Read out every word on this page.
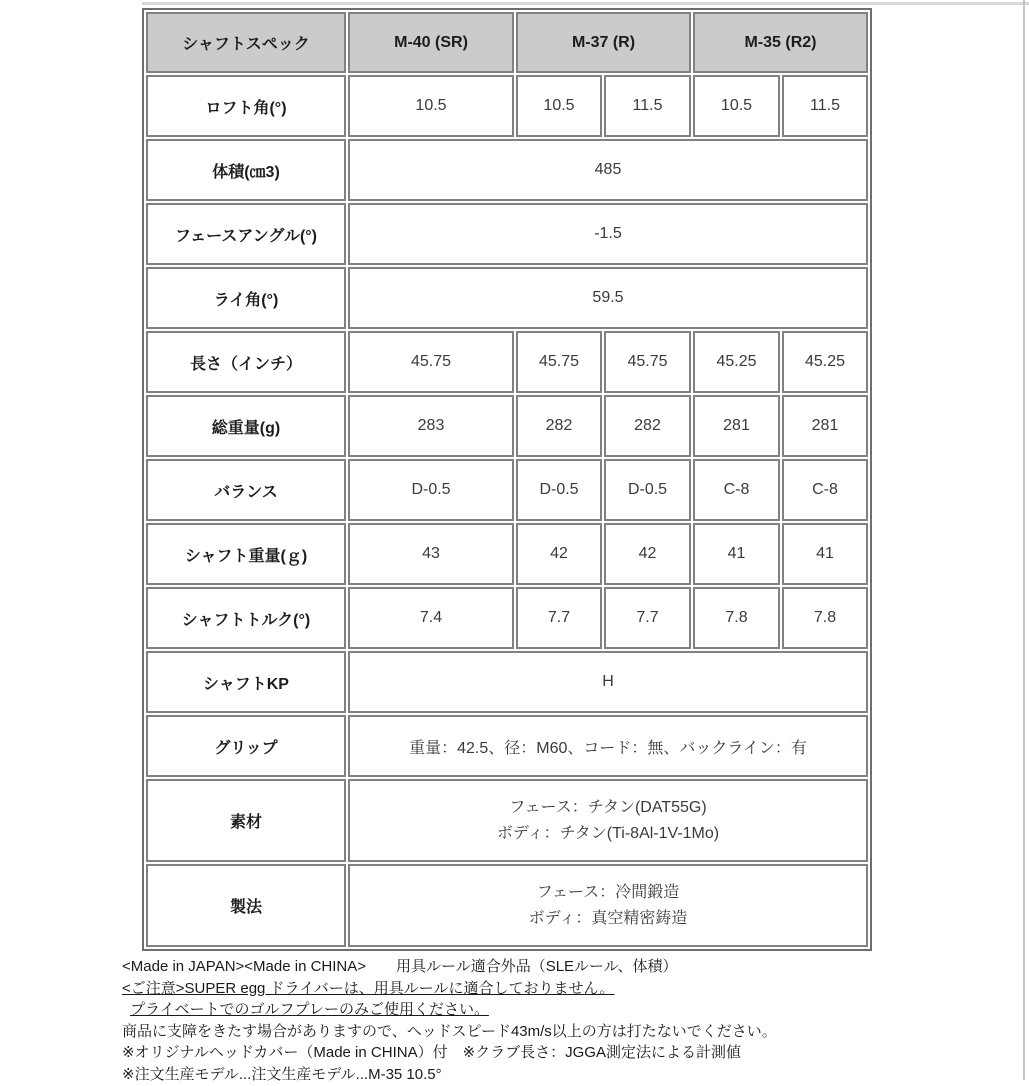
シャフトスペック	M-40 (SR)	M-37 (R)		M-35 (R2)	
ロフト角(°)	10.5	10.5	11.5	10.5	11.5
体積(㎝3)	485				
フェースアングル(°)	-1.5				
ライ角(°)	59.5				
長さ（インチ）	45.75	45.75	45.75	45.25	45.25
総重量(g)	283	282	282	281	281
バランス	D-0.5	D-0.5	D-0.5	C-8	C-8
シャフト重量(ｇ)	43	42	42	41	41
シャフトトルク(°)	7.4	7.7	7.7	7.8	7.8
シャフトKP	H				
グリップ	重量：42.5、径：M60、コード：無、バックライン：有				
素材	フェース：チタン(DAT55G)
ボディ：チタン(Ti-8Al-1V-1Mo)				

製法	フェース：冷間鍛造
ボディ：真空精密鋳造				
<Made in JAPAN><Made in CHINA>　　用具ルール適合外品（SLEルール、体積）
<ご注意>SUPER egg ドライバーは、用具ルールに適合しておりません。
プライベートでのゴルフプレーのみご使用ください。
商品に支障をきたす場合がありますので、ヘッドスピード43m/s以上の方は打たないでください。
※オリジナルヘッドカバー（Made in CHINA）付　※クラブ長さ：JGGA測定法による計測値
※注文生産モデル...注文生産モデル...M-35 10.5°
